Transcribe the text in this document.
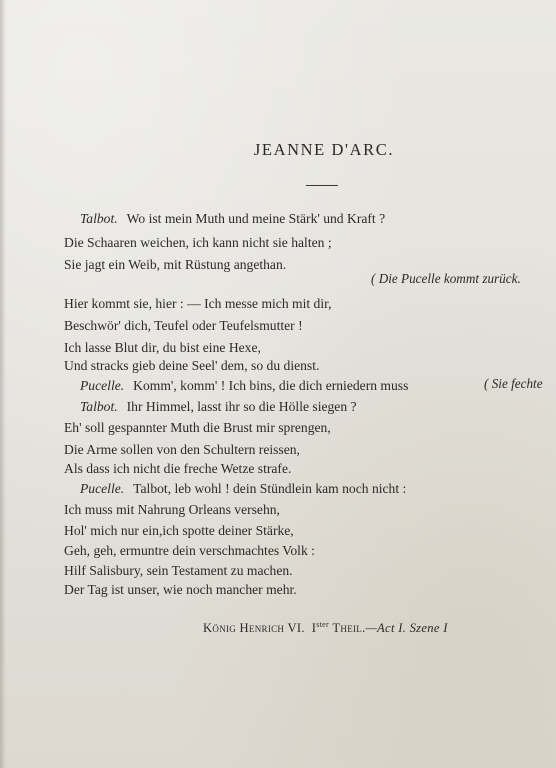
JEANNE D'ARC.
Talbot. Wo ist mein Muth und meine Stärk' und Kraft ?
Die Schaaren weichen, ich kann nicht sie halten ;
Sie jagt ein Weib, mit Rüstung angethan.
( Die Pucelle kommt zurück.
Hier kommt sie, hier : — Ich messe mich mit dir,
Beschwör' dich, Teufel oder Teufelsmutter !
Ich lasse Blut dir, du bist eine Hexe,
Und stracks gieb deine Seel' dem, so du dienst.
Pucelle. Komm', komm' ! Ich bins, die dich erniedern muss	( Sie fechte
Talbot. Ihr Himmel, lasst ihr so die Hölle siegen ?
Eh' soll gespannter Muth die Brust mir sprengen,
Die Arme sollen von den Schultern reissen,
Als dass ich nicht die freche Wetze strafe.
Pucelle. Talbot, leb wohl ! dein Stündlein kam noch nicht :
Ich muss mit Nahrung Orleans versehn,
Hol' mich nur ein,ich spotte deiner Stärke,
Geh, geh, ermuntre dein verschmachtes Volk :
Hilf Salisbury, sein Testament zu machen.
Der Tag ist unser, wie noch mancher mehr.
König Henrich VI. $I^{ster}$ Theil.—Act I. Szene I
